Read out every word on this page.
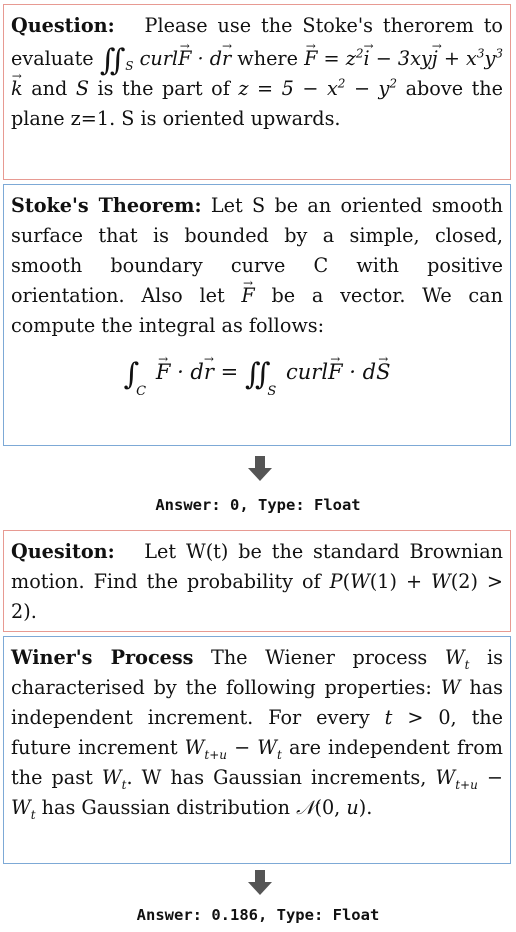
Question: Please use the Stoke's therorem to evaluate $∬_S$ curl→ F · d→ r where → $F = z^2\to i - 3xy\to j + x^3y^3\to k$ and S is the part of $z = 5 - x^2 - y^2$ above the plane z=1. S is oriented upwards.

Stoke's Theorem: Let S be an oriented smooth surface that is bounded by a simple, closed, smooth boundary curve C with positive orientation. Also let → F be a vector. We can compute the integral as follows:

$\int_C \to F \cdot d\to r$ = $∬_S$ curl→ F · d→ S
Answer: 0, Type: Float

Quesiton: Let W(t) be the standard Brownian motion. Find the probability of P(W(1) + W(2) > 2).

Winer's Process The Wiener process $W_t$ is characterised by the following properties: W has independent increment. For every t > 0, the future increment $W_{t+u} - W_t$ are independent from the past $W_t$. W has Gaussian increments, $W_{t+u} - W_t$ has Gaussian distribution 𝒩(0, u).

Answer: 0.186, Type: Float
